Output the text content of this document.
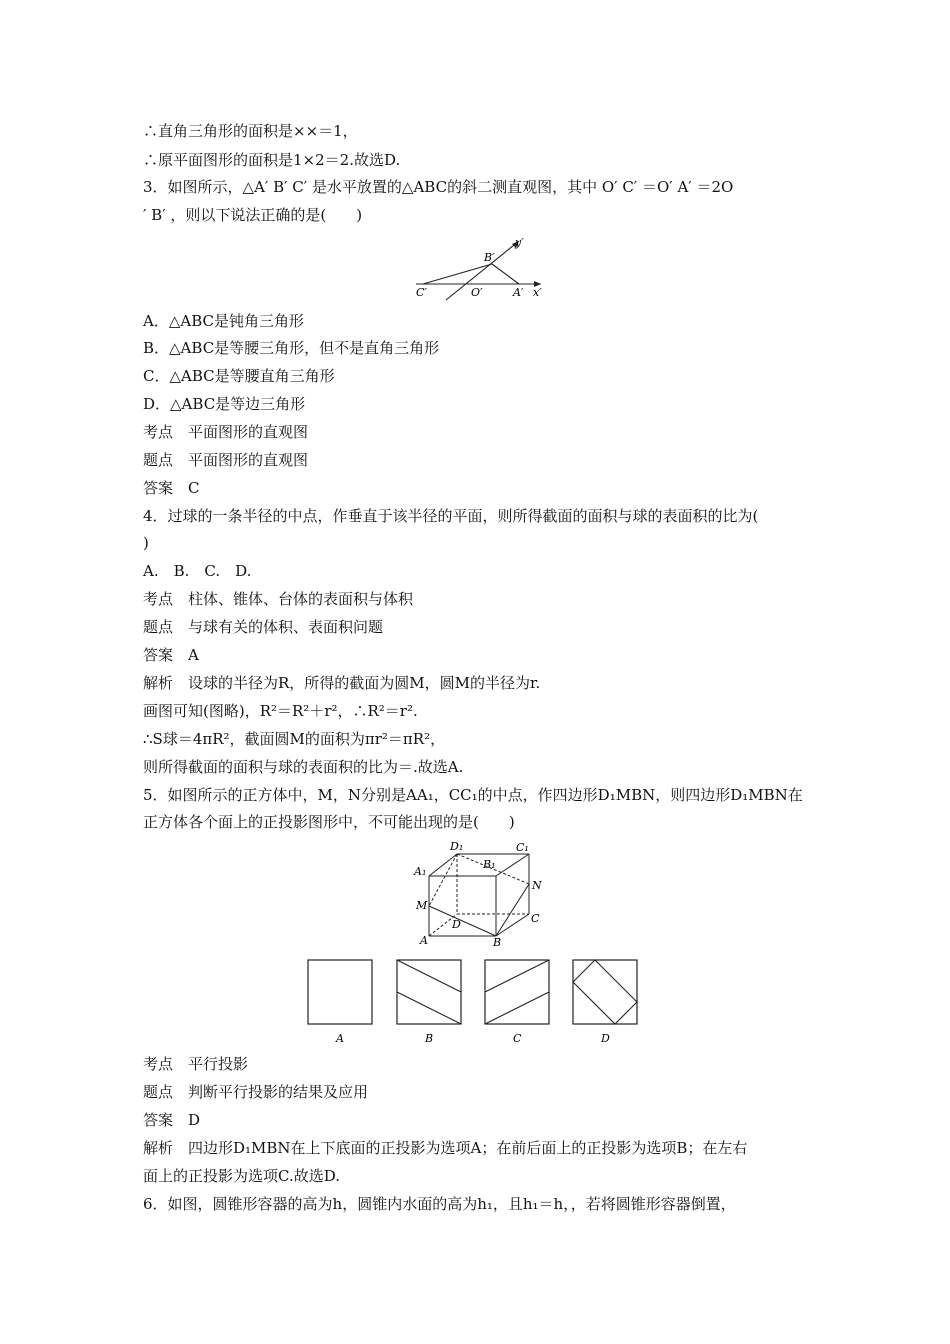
∴直角三角形的面积是××＝1，
∴原平面图形的面积是1×2＝2.故选D.
3．如图所示，△A′ B′ C′ 是水平放置的△ABC的斜二测直观图，其中 O′ C′ ＝O′ A′ ＝2O
′ B′ ，则以下说法正确的是(　　)
C′	O′	A′ x′
B′
y′
A．△ABC是钝角三角形
B．△ABC是等腰三角形，但不是直角三角形
C．△ABC是等腰直角三角形
D．△ABC是等边三角形
考点　平面图形的直观图
题点　平面图形的直观图
答案　C
4．过球的一条半径的中点，作垂直于该半径的平面，则所得截面的面积与球的表面积的比为(
)
A.　B.　C.　D.
考点　柱体、锥体、台体的表面积与体积
题点　与球有关的体积、表面积问题
答案　A
解析　设球的半径为R，所得的截面为圆M，圆M的半径为r.
画图可知(图略)，R²＝R²＋r²，∴R²＝r².
∴S球＝4πR²，截面圆M的面积为πr²＝πR²，
则所得截面的面积与球的表面积的比为＝.故选A.
5．如图所示的正方体中，M，N分别是AA₁，CC₁的中点，作四边形D₁MBN，则四边形D₁MBN在
正方体各个面上的正投影图形中，不可能出现的是(　　)
D₁	C₁
A₁
B₁
N
M
D	C
A	B
A	B	C	D
考点　平行投影
题点　判断平行投影的结果及应用
答案　D
解析　四边形D₁MBN在上下底面的正投影为选项A；在前后面上的正投影为选项B；在左右
面上的正投影为选项C.故选D.
6．如图，圆锥形容器的高为h，圆锥内水面的高为h₁，且h₁＝h，，若将圆锥形容器倒置，
